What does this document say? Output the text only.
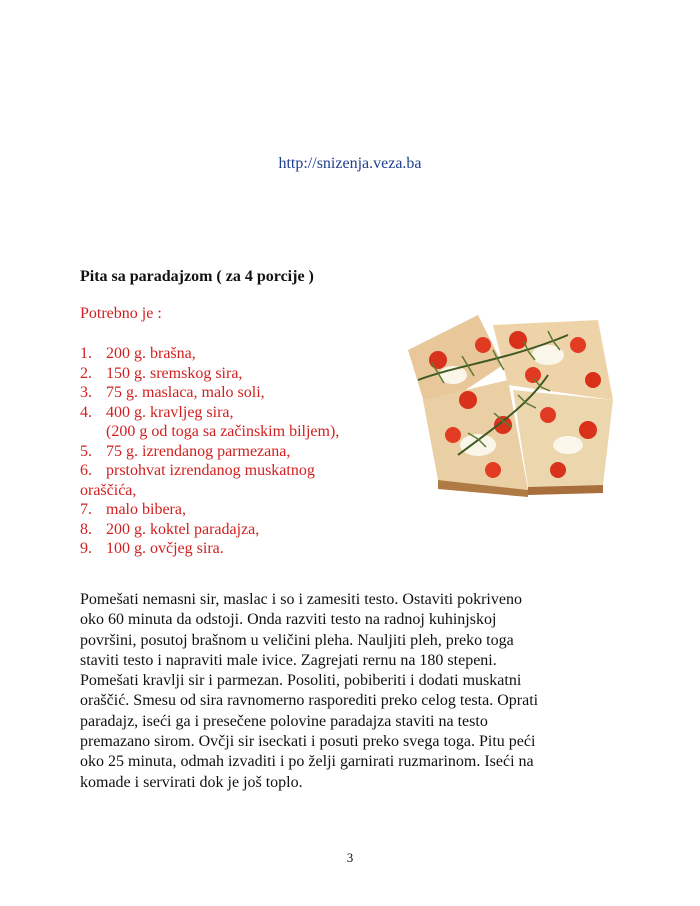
http://snizenja.veza.ba
Pita sa paradajzom ( za 4 porcije )
Potrebno je :
1. 200 g. brašna,
2. 150 g. sremskog sira,
3. 75 g. maslaca, malo soli,
4. 400 g. kravljeg sira,
(200 g od toga sa začinskim biljem),
5. 75 g. izrendanog parmezana,
6. prstohvat izrendanog muskatnog
oraščića,
7. malo bibera,
8. 200 g. koktel paradajza,
9. 100 g. ovčjeg sira.
Pomešati nemasni sir, maslac i so i zamesiti testo. Ostaviti pokriveno
oko 60 minuta da odstoji. Onda razviti testo na radnoj kuhinjskoj
površini, posutoj brašnom u veličini pleha. Nauljiti pleh, preko toga
staviti testo i napraviti male ivice. Zagrejati rernu na 180 stepeni.
Pomešati kravlji sir i parmezan. Posoliti, pobiberiti i dodati muskatni
oraščić. Smesu od sira ravnomerno rasporediti preko celog testa. Oprati
paradajz, iseći ga i presečene polovine paradajza staviti na testo
premazano sirom. Ovčji sir iseckati i posuti preko svega toga. Pitu peći
oko 25 minuta, odmah izvaditi i po želji garnirati ruzmarinom. Iseći na
komade i servirati dok je još toplo.
3
